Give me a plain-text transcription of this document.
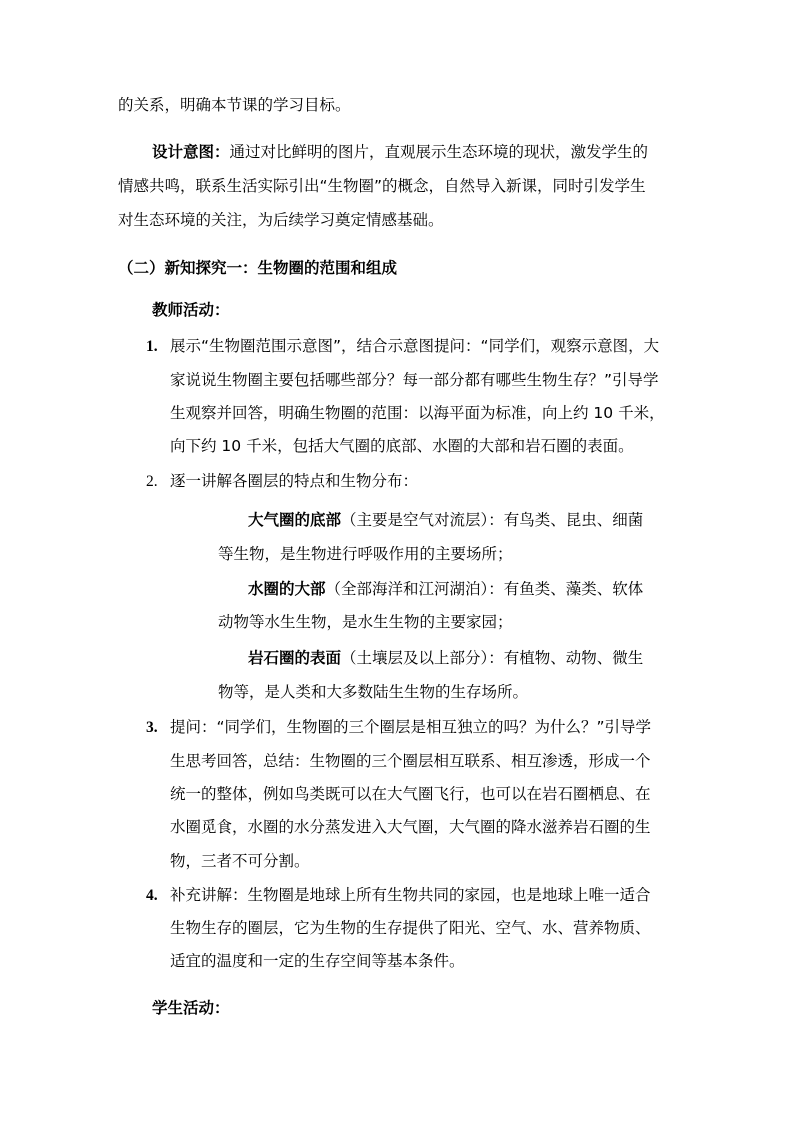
的关系，明确本节课的学习目标。
设计意图：通过对比鲜明的图片，直观展示生态环境的现状，激发学生的
情感共鸣，联系生活实际引出“生物圈”的概念，自然导入新课，同时引发学生
对生态环境的关注，为后续学习奠定情感基础。
（二）新知探究一：生物圈的范围和组成
教师活动：
1. 展示“生物圈范围示意图”，结合示意图提问：“同学们，观察示意图，大
家说说生物圈主要包括哪些部分？每一部分都有哪些生物生存？”引导学
生观察并回答，明确生物圈的范围：以海平面为标准，向上约 10 千米，
向下约 10 千米，包括大气圈的底部、水圈的大部和岩石圈的表面。
2. 逐一讲解各圈层的特点和生物分布：
大气圈的底部（主要是空气对流层）：有鸟类、昆虫、细菌
等生物，是生物进行呼吸作用的主要场所；
水圈的大部（全部海洋和江河湖泊）：有鱼类、藻类、软体
动物等水生生物，是水生生物的主要家园；
岩石圈的表面（土壤层及以上部分）：有植物、动物、微生
物等，是人类和大多数陆生生物的生存场所。
3. 提问：“同学们，生物圈的三个圈层是相互独立的吗？为什么？”引导学
生思考回答，总结：生物圈的三个圈层相互联系、相互渗透，形成一个
统一的整体，例如鸟类既可以在大气圈飞行，也可以在岩石圈栖息、在
水圈觅食，水圈的水分蒸发进入大气圈，大气圈的降水滋养岩石圈的生
物，三者不可分割。
4. 补充讲解：生物圈是地球上所有生物共同的家园，也是地球上唯一适合
生物生存的圈层，它为生物的生存提供了阳光、空气、水、营养物质、
适宜的温度和一定的生存空间等基本条件。
学生活动：
